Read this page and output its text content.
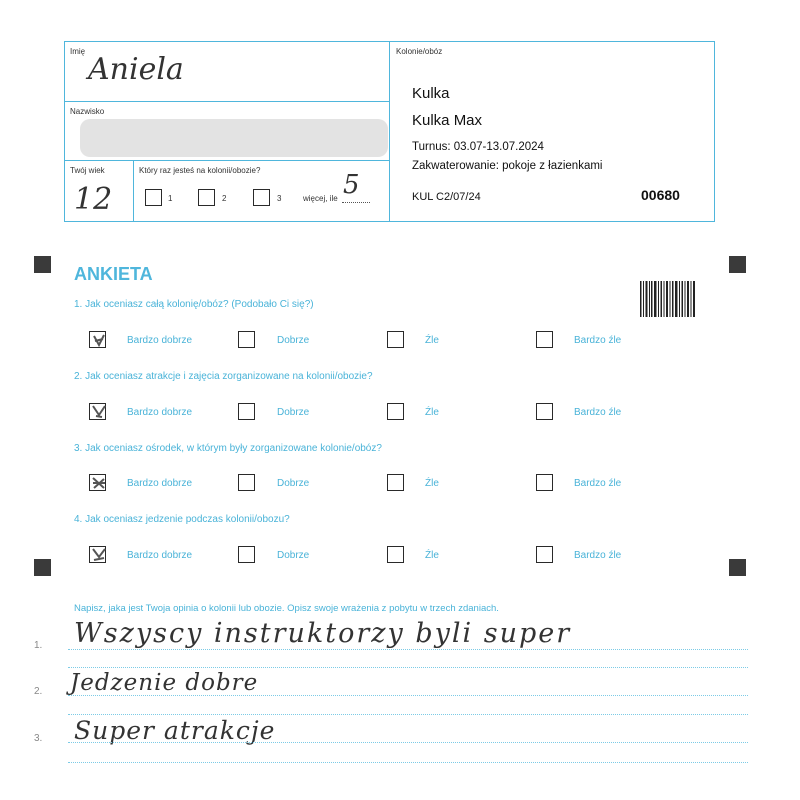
Imię
Aniela
Nazwisko
Twój wiek
12
Który raz jesteś na kolonii/obozie?
1	2	3	więcej, ile 5
Kolonie/obóz
Kulka
Kulka Max
Turnus: 03.07-13.07.2024
Zakwaterowanie: pokoje z łazienkami
KUL C2/07/24	00680
ANKIETA
1. Jak oceniasz całą kolonię/obóz? (Podobało Ci się?)
Bardzo dobrze	Dobrze	Źle	Bardzo źle
2. Jak oceniasz atrakcje i zajęcia zorganizowane na kolonii/obozie?
Bardzo dobrze	Dobrze	Źle	Bardzo źle
3. Jak oceniasz ośrodek, w którym były zorganizowane kolonie/obóz?
Bardzo dobrze	Dobrze	Źle	Bardzo źle
4. Jak oceniasz jedzenie podczas kolonii/obozu?
Bardzo dobrze	Dobrze	Źle	Bardzo źle
Napisz, jaka jest Twoja opinia o kolonii lub obozie. Opisz swoje wrażenia z pobytu w trzech zdaniach.
1. Wszyscy instruktorzy byli super
2. Jedzenie dobre
3. Super atrakcje
